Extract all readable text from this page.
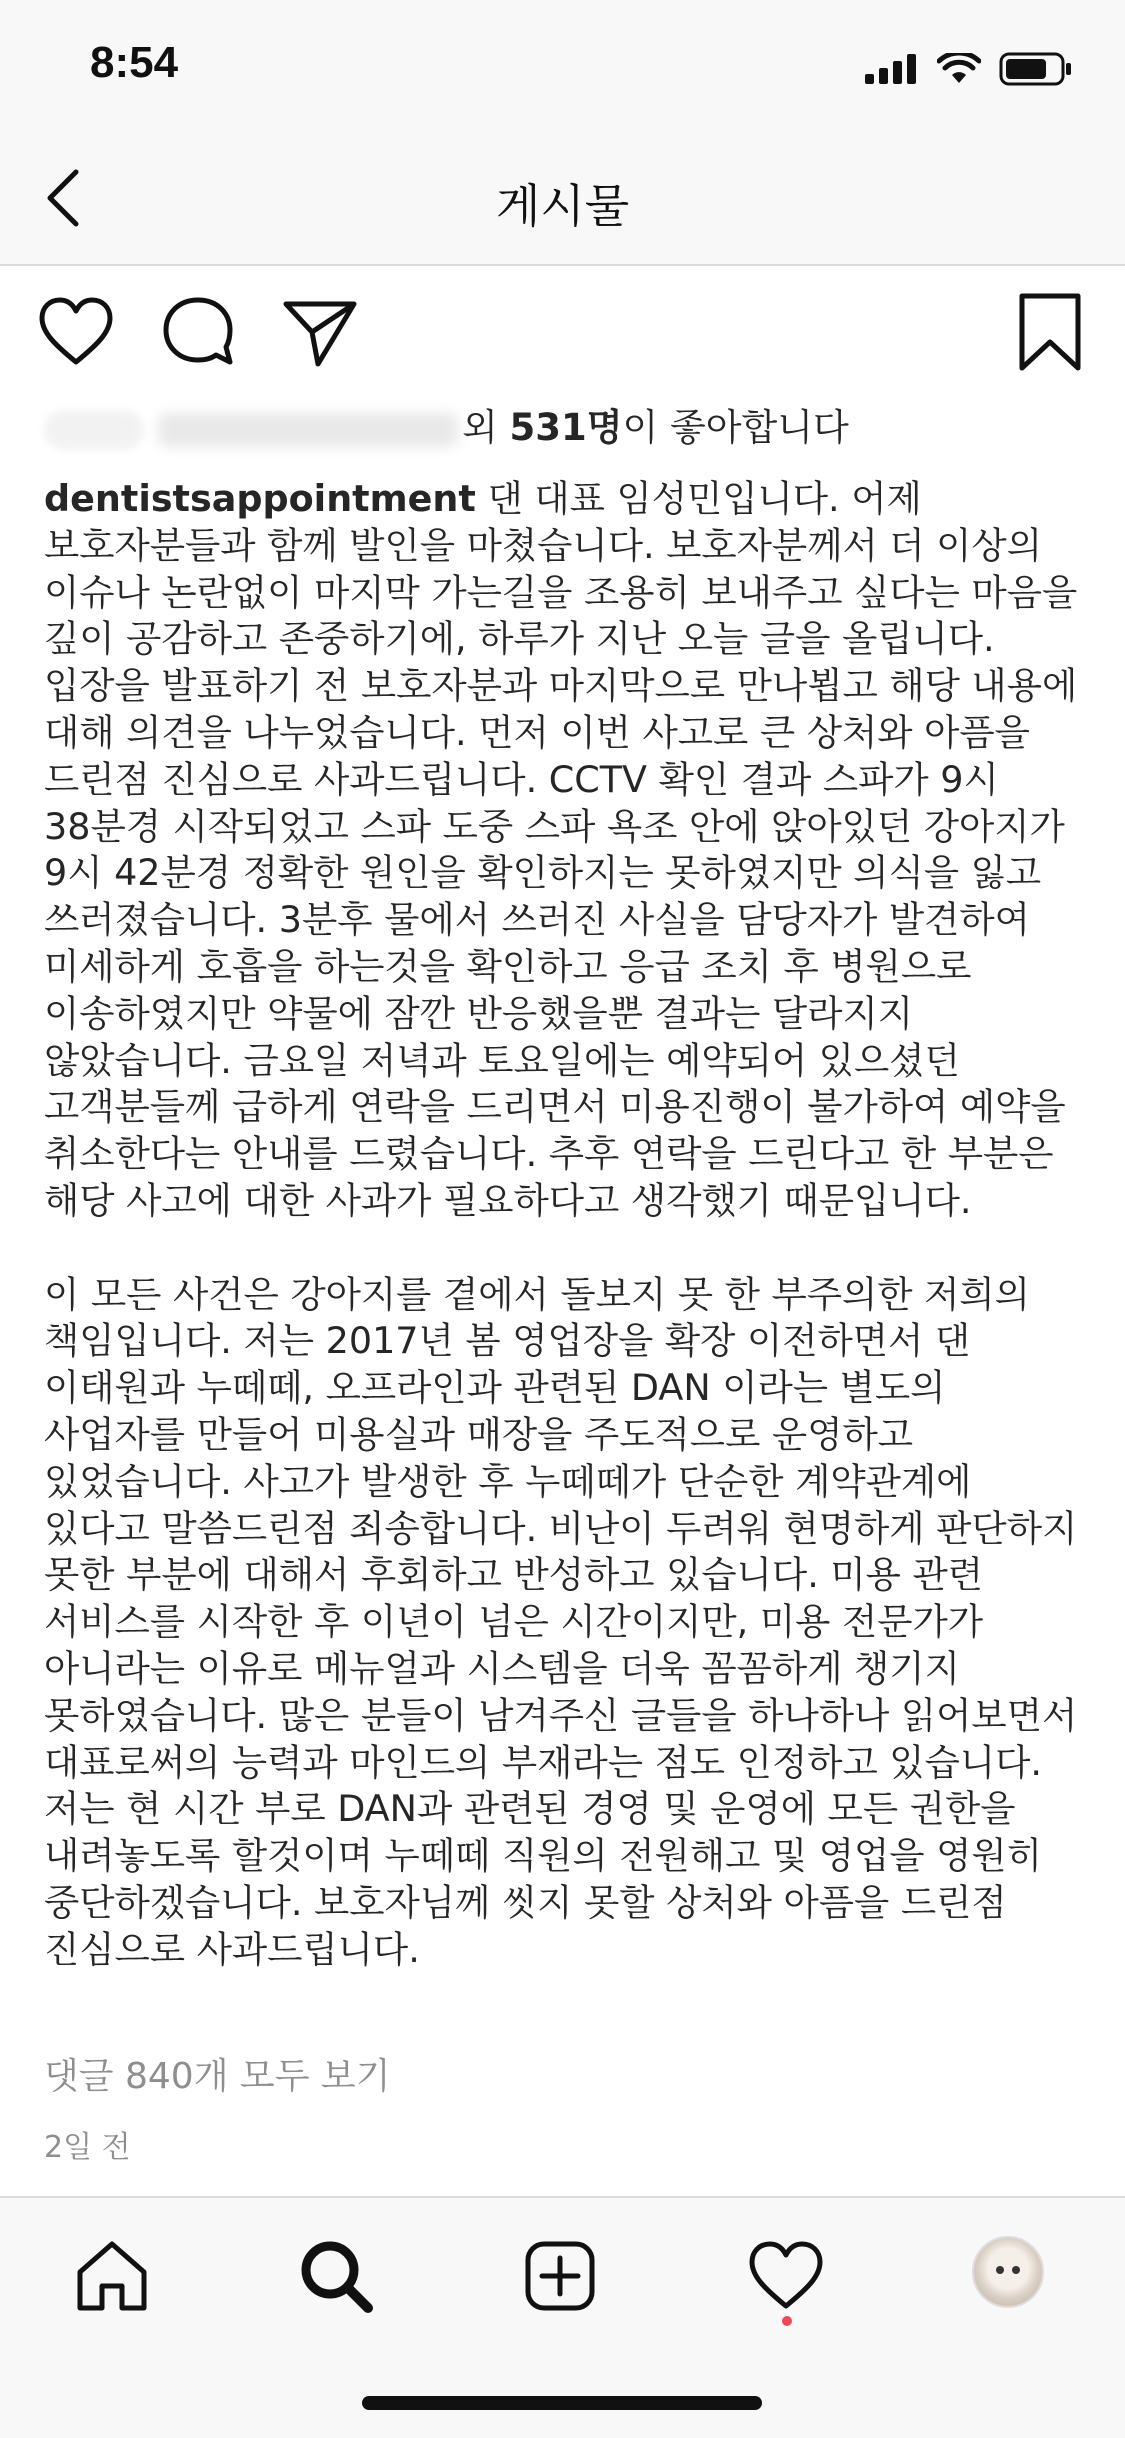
8:54
게시물
외 531명이 좋아합니다
dentistsappointment 댄 대표 임성민입니다. 어제 보호자분들과 함께 발인을 마쳤습니다. 보호자분께서 더 이상의 이슈나 논란없이 마지막 가는길을 조용히 보내주고 싶다는 마음을 깊이 공감하고 존중하기에, 하루가 지난 오늘 글을 올립니다. 입장을 발표하기 전 보호자분과 마지막으로 만나뵙고 해당 내용에 대해 의견을 나누었습니다. 먼저 이번 사고로 큰 상처와 아픔을 드린점 진심으로 사과드립니다. CCTV 확인 결과 스파가 9시 38분경 시작되었고 스파 도중 스파 욕조 안에 앉아있던 강아지가 9시 42분경 정확한 원인을 확인하지는 못하였지만 의식을 잃고 쓰러졌습니다. 3분후 물에서 쓰러진 사실을 담당자가 발견하여 미세하게 호흡을 하는것을 확인하고 응급 조치 후 병원으로 이송하였지만 약물에 잠깐 반응했을뿐 결과는 달라지지 않았습니다. 금요일 저녁과 토요일에는 예약되어 있으셨던 고객분들께 급하게 연락을 드리면서 미용진행이 불가하여 예약을 취소한다는 안내를 드렸습니다. 추후 연락을 드린다고 한 부분은 해당 사고에 대한 사과가 필요하다고 생각했기 때문입니다.

이 모든 사건은 강아지를 곁에서 돌보지 못 한 부주의한 저희의 책임입니다. 저는 2017년 봄 영업장을 확장 이전하면서 댄 이태원과 누떼떼, 오프라인과 관련된 DAN 이라는 별도의 사업자를 만들어 미용실과 매장을 주도적으로 운영하고 있었습니다. 사고가 발생한 후 누떼떼가 단순한 계약관계에 있다고 말씀드린점 죄송합니다. 비난이 두려워 현명하게 판단하지 못한 부분에 대해서 후회하고 반성하고 있습니다. 미용 관련 서비스를 시작한 후 이년이 넘은 시간이지만, 미용 전문가가 아니라는 이유로 메뉴얼과 시스템을 더욱 꼼꼼하게 챙기지 못하였습니다. 많은 분들이 남겨주신 글들을 하나하나 읽어보면서 대표로써의 능력과 마인드의 부재라는 점도 인정하고 있습니다. 저는 현 시간 부로 DAN과 관련된 경영 및 운영에 모든 권한을 내려놓도록 할것이며 누떼떼 직원의 전원해고 및 영업을 영원히 중단하겠습니다. 보호자님께 씻지 못할 상처와 아픔을 드린점 진심으로 사과드립니다.
댓글 840개 모두 보기
2일 전
